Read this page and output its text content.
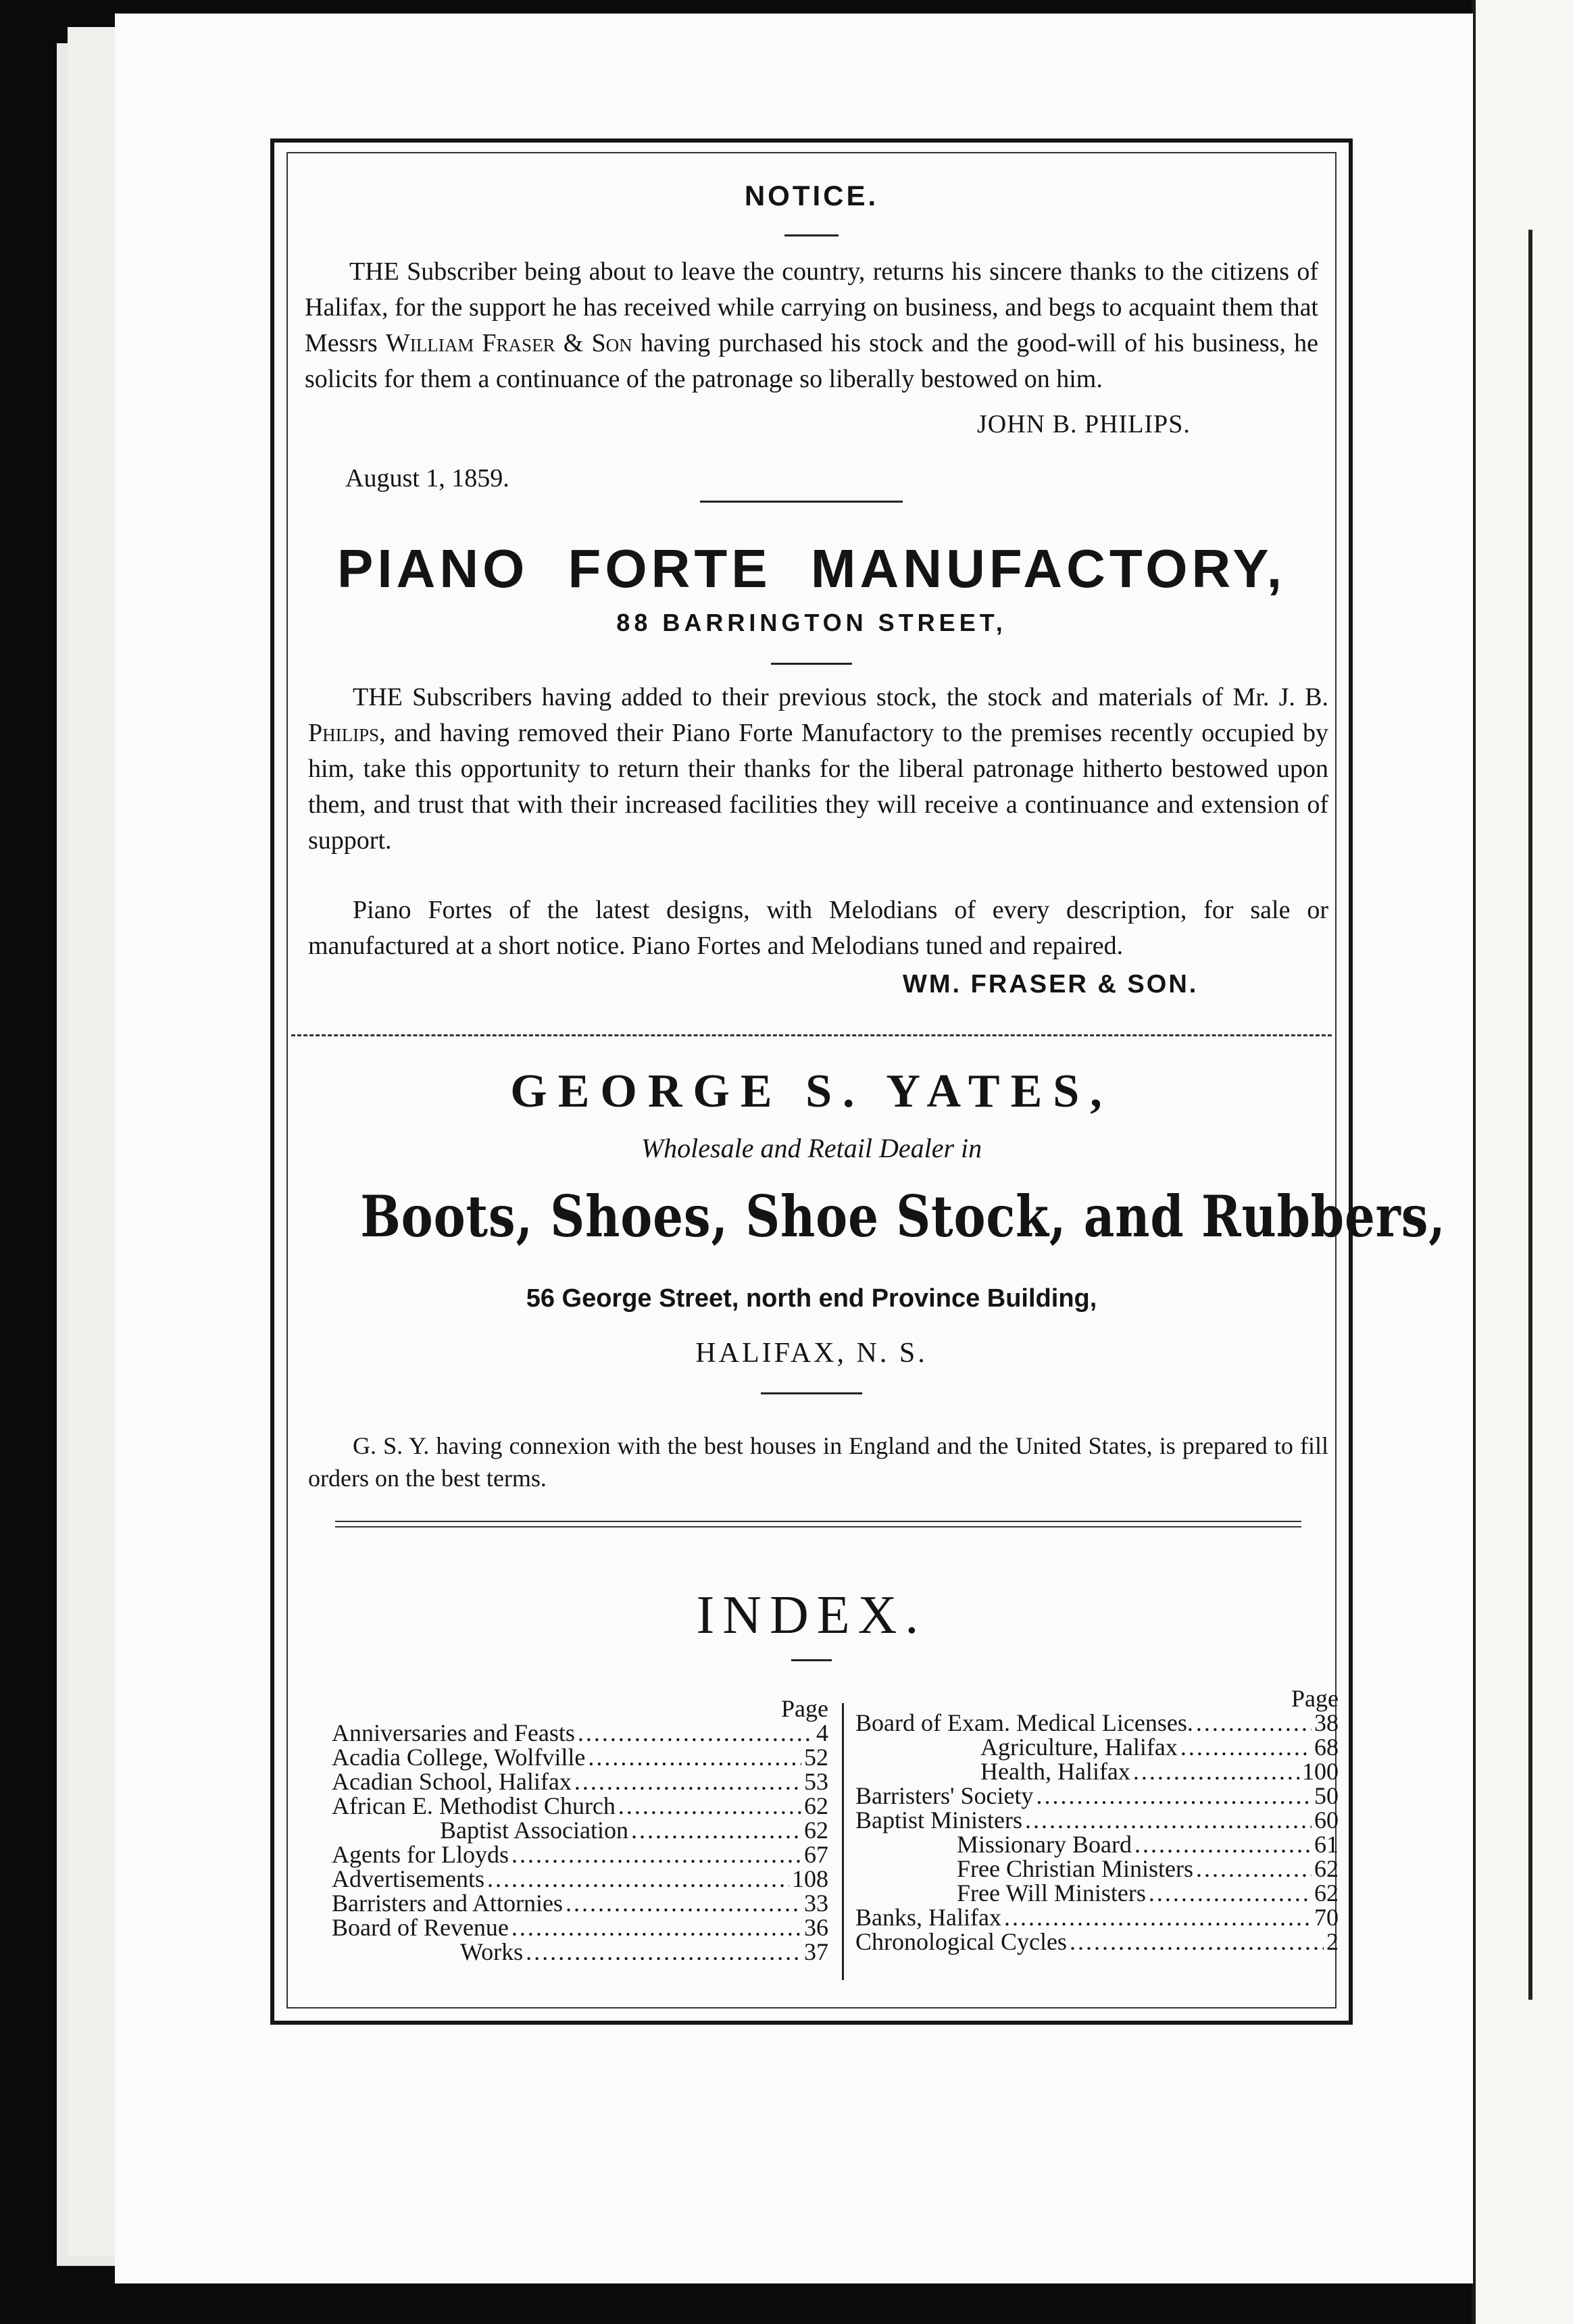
NOTICE.
THE Subscriber being about to leave the country, returns his sincere thanks to the citizens of Halifax, for the support he has received while carrying on business, and begs to acquaint them that Messrs William Fraser & Son having purchased his stock and the good-will of his business, he solicits for them a continuance of the patronage so liberally bestowed on him.
JOHN B. PHILIPS.
August 1, 1859.
PIANO FORTE MANUFACTORY,
88 BARRINGTON STREET,
THE Subscribers having added to their previous stock, the stock and materials of Mr. J. B. Philips, and having removed their Piano Forte Manufactory to the premises recently occupied by him, take this opportunity to return their thanks for the liberal patronage hitherto bestowed upon them, and trust that with their increased facilities they will receive a continuance and extension of support.
Piano Fortes of the latest designs, with Melodians of every description, for sale or manufactured at a short notice. Piano Fortes and Melodians tuned and repaired.
WM. FRASER & SON.
GEORGE S. YATES,
Wholesale and Retail Dealer in
Boots, Shoes, Shoe Stock, and Rubbers,
56 George Street, north end Province Building,
HALIFAX, N. S.
G. S. Y. having connexion with the best houses in England and the United States, is prepared to fill orders on the best terms.
INDEX.
Page
Anniversaries and Feasts .....	4
Acadia College, Wolfville .....	52
Acadian School, Halifax .....	53
African E. Methodist Church .....	62
Baptist Association .....	62
Agents for Lloyds .....	67
Advertisements .....	108
Barristers and Attornies .....	33
Board of Revenue .....	36
Works .....	37
Page
Board of Exam. Medical Licenses. .....	38
Agriculture, Halifax .....	68
Health, Halifax .....	100
Barristers' Society .....	50
Baptist Ministers .....	60
Missionary Board .....	61
Free Christian Ministers .....	62
Free Will Ministers .....	62
Banks, Halifax .....	70
Chronological Cycles .....	2
